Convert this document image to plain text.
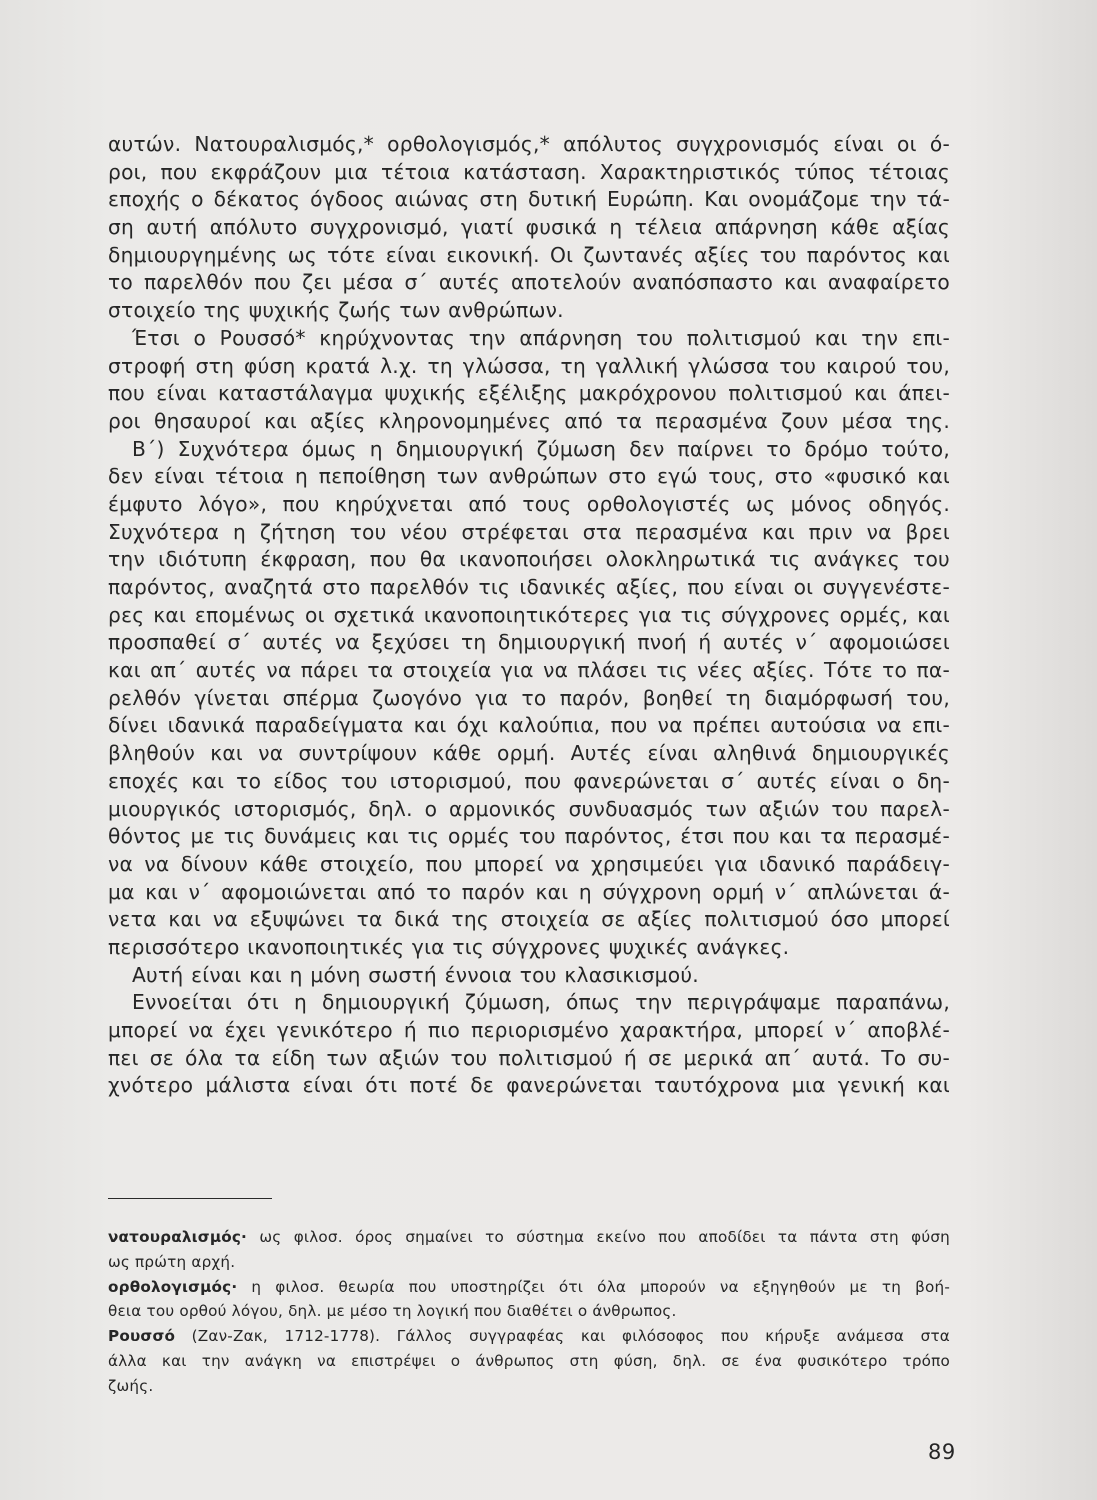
αυτών. Νατουραλισμός,* ορθολογισμός,* απόλυτος συγχρονισμός είναι οι ό-
ροι, που εκφράζουν μια τέτοια κατάσταση. Χαρακτηριστικός τύπος τέτοιας
εποχής ο δέκατος όγδοος αιώνας στη δυτική Ευρώπη. Και ονομάζομε την τά-
ση αυτή απόλυτο συγχρονισμό, γιατί φυσικά η τέλεια απάρνηση κάθε αξίας
δημιουργημένης ως τότε είναι εικονική. Οι ζωντανές αξίες του παρόντος και
το παρελθόν που ζει μέσα σ΄ αυτές αποτελούν αναπόσπαστο και αναφαίρετο
στοιχείο της ψυχικής ζωής των ανθρώπων.
Έτσι ο Ρουσσό* κηρύχνοντας την απάρνηση του πολιτισμού και την επι-
στροφή στη φύση κρατά λ.χ. τη γλώσσα, τη γαλλική γλώσσα του καιρού του,
που είναι καταστάλαγμα ψυχικής εξέλιξης μακρόχρονου πολιτισμού και άπει-
ροι θησαυροί και αξίες κληρονομημένες από τα περασμένα ζουν μέσα της.
Β΄) Συχνότερα όμως η δημιουργική ζύμωση δεν παίρνει το δρόμο τούτο,
δεν είναι τέτοια η πεποίθηση των ανθρώπων στο εγώ τους, στο «φυσικό και
έμφυτο λόγο», που κηρύχνεται από τους ορθολογιστές ως μόνος οδηγός.
Συχνότερα η ζήτηση του νέου στρέφεται στα περασμένα και πριν να βρει
την ιδιότυπη έκφραση, που θα ικανοποιήσει ολοκληρωτικά τις ανάγκες του
παρόντος, αναζητά στο παρελθόν τις ιδανικές αξίες, που είναι οι συγγενέστε-
ρες και επομένως οι σχετικά ικανοποιητικότερες για τις σύγχρονες ορμές, και
προσπαθεί σ΄ αυτές να ξεχύσει τη δημιουργική πνοή ή αυτές ν΄ αφομοιώσει
και απ΄ αυτές να πάρει τα στοιχεία για να πλάσει τις νέες αξίες. Τότε το πα-
ρελθόν γίνεται σπέρμα ζωογόνο για το παρόν, βοηθεί τη διαμόρφωσή του,
δίνει ιδανικά παραδείγματα και όχι καλούπια, που να πρέπει αυτούσια να επι-
βληθούν και να συντρίψουν κάθε ορμή. Αυτές είναι αληθινά δημιουργικές
εποχές και το είδος του ιστορισμού, που φανερώνεται σ΄ αυτές είναι ο δη-
μιουργικός ιστορισμός, δηλ. ο αρμονικός συνδυασμός των αξιών του παρελ-
θόντος με τις δυνάμεις και τις ορμές του παρόντος, έτσι που και τα περασμέ-
να να δίνουν κάθε στοιχείο, που μπορεί να χρησιμεύει για ιδανικό παράδειγ-
μα και ν΄ αφομοιώνεται από το παρόν και η σύγχρονη ορμή ν΄ απλώνεται ά-
νετα και να εξυψώνει τα δικά της στοιχεία σε αξίες πολιτισμού όσο μπορεί
περισσότερο ικανοποιητικές για τις σύγχρονες ψυχικές ανάγκες.
Αυτή είναι και η μόνη σωστή έννοια του κλασικισμού.
Εννοείται ότι η δημιουργική ζύμωση, όπως την περιγράψαμε παραπάνω,
μπορεί να έχει γενικότερο ή πιο περιορισμένο χαρακτήρα, μπορεί ν΄ αποβλέ-
πει σε όλα τα είδη των αξιών του πολιτισμού ή σε μερικά απ΄ αυτά. Το συ-
χνότερο μάλιστα είναι ότι ποτέ δε φανερώνεται ταυτόχρονα μια γενική και
νατουραλισμός· ως φιλοσ. όρος σημαίνει το σύστημα εκείνο που αποδίδει τα πάντα στη φύση
ως πρώτη αρχή.
ορθολογισμός· η φιλοσ. θεωρία που υποστηρίζει ότι όλα μπορούν να εξηγηθούν με τη βοή-
θεια του ορθού λόγου, δηλ. με μέσο τη λογική που διαθέτει ο άνθρωπος.
Ρουσσό (Ζαν-Ζακ, 1712-1778). Γάλλος συγγραφέας και φιλόσοφος που κήρυξε ανάμεσα στα
άλλα και την ανάγκη να επιστρέψει ο άνθρωπος στη φύση, δηλ. σε ένα φυσικότερο τρόπο
ζωής.
89
